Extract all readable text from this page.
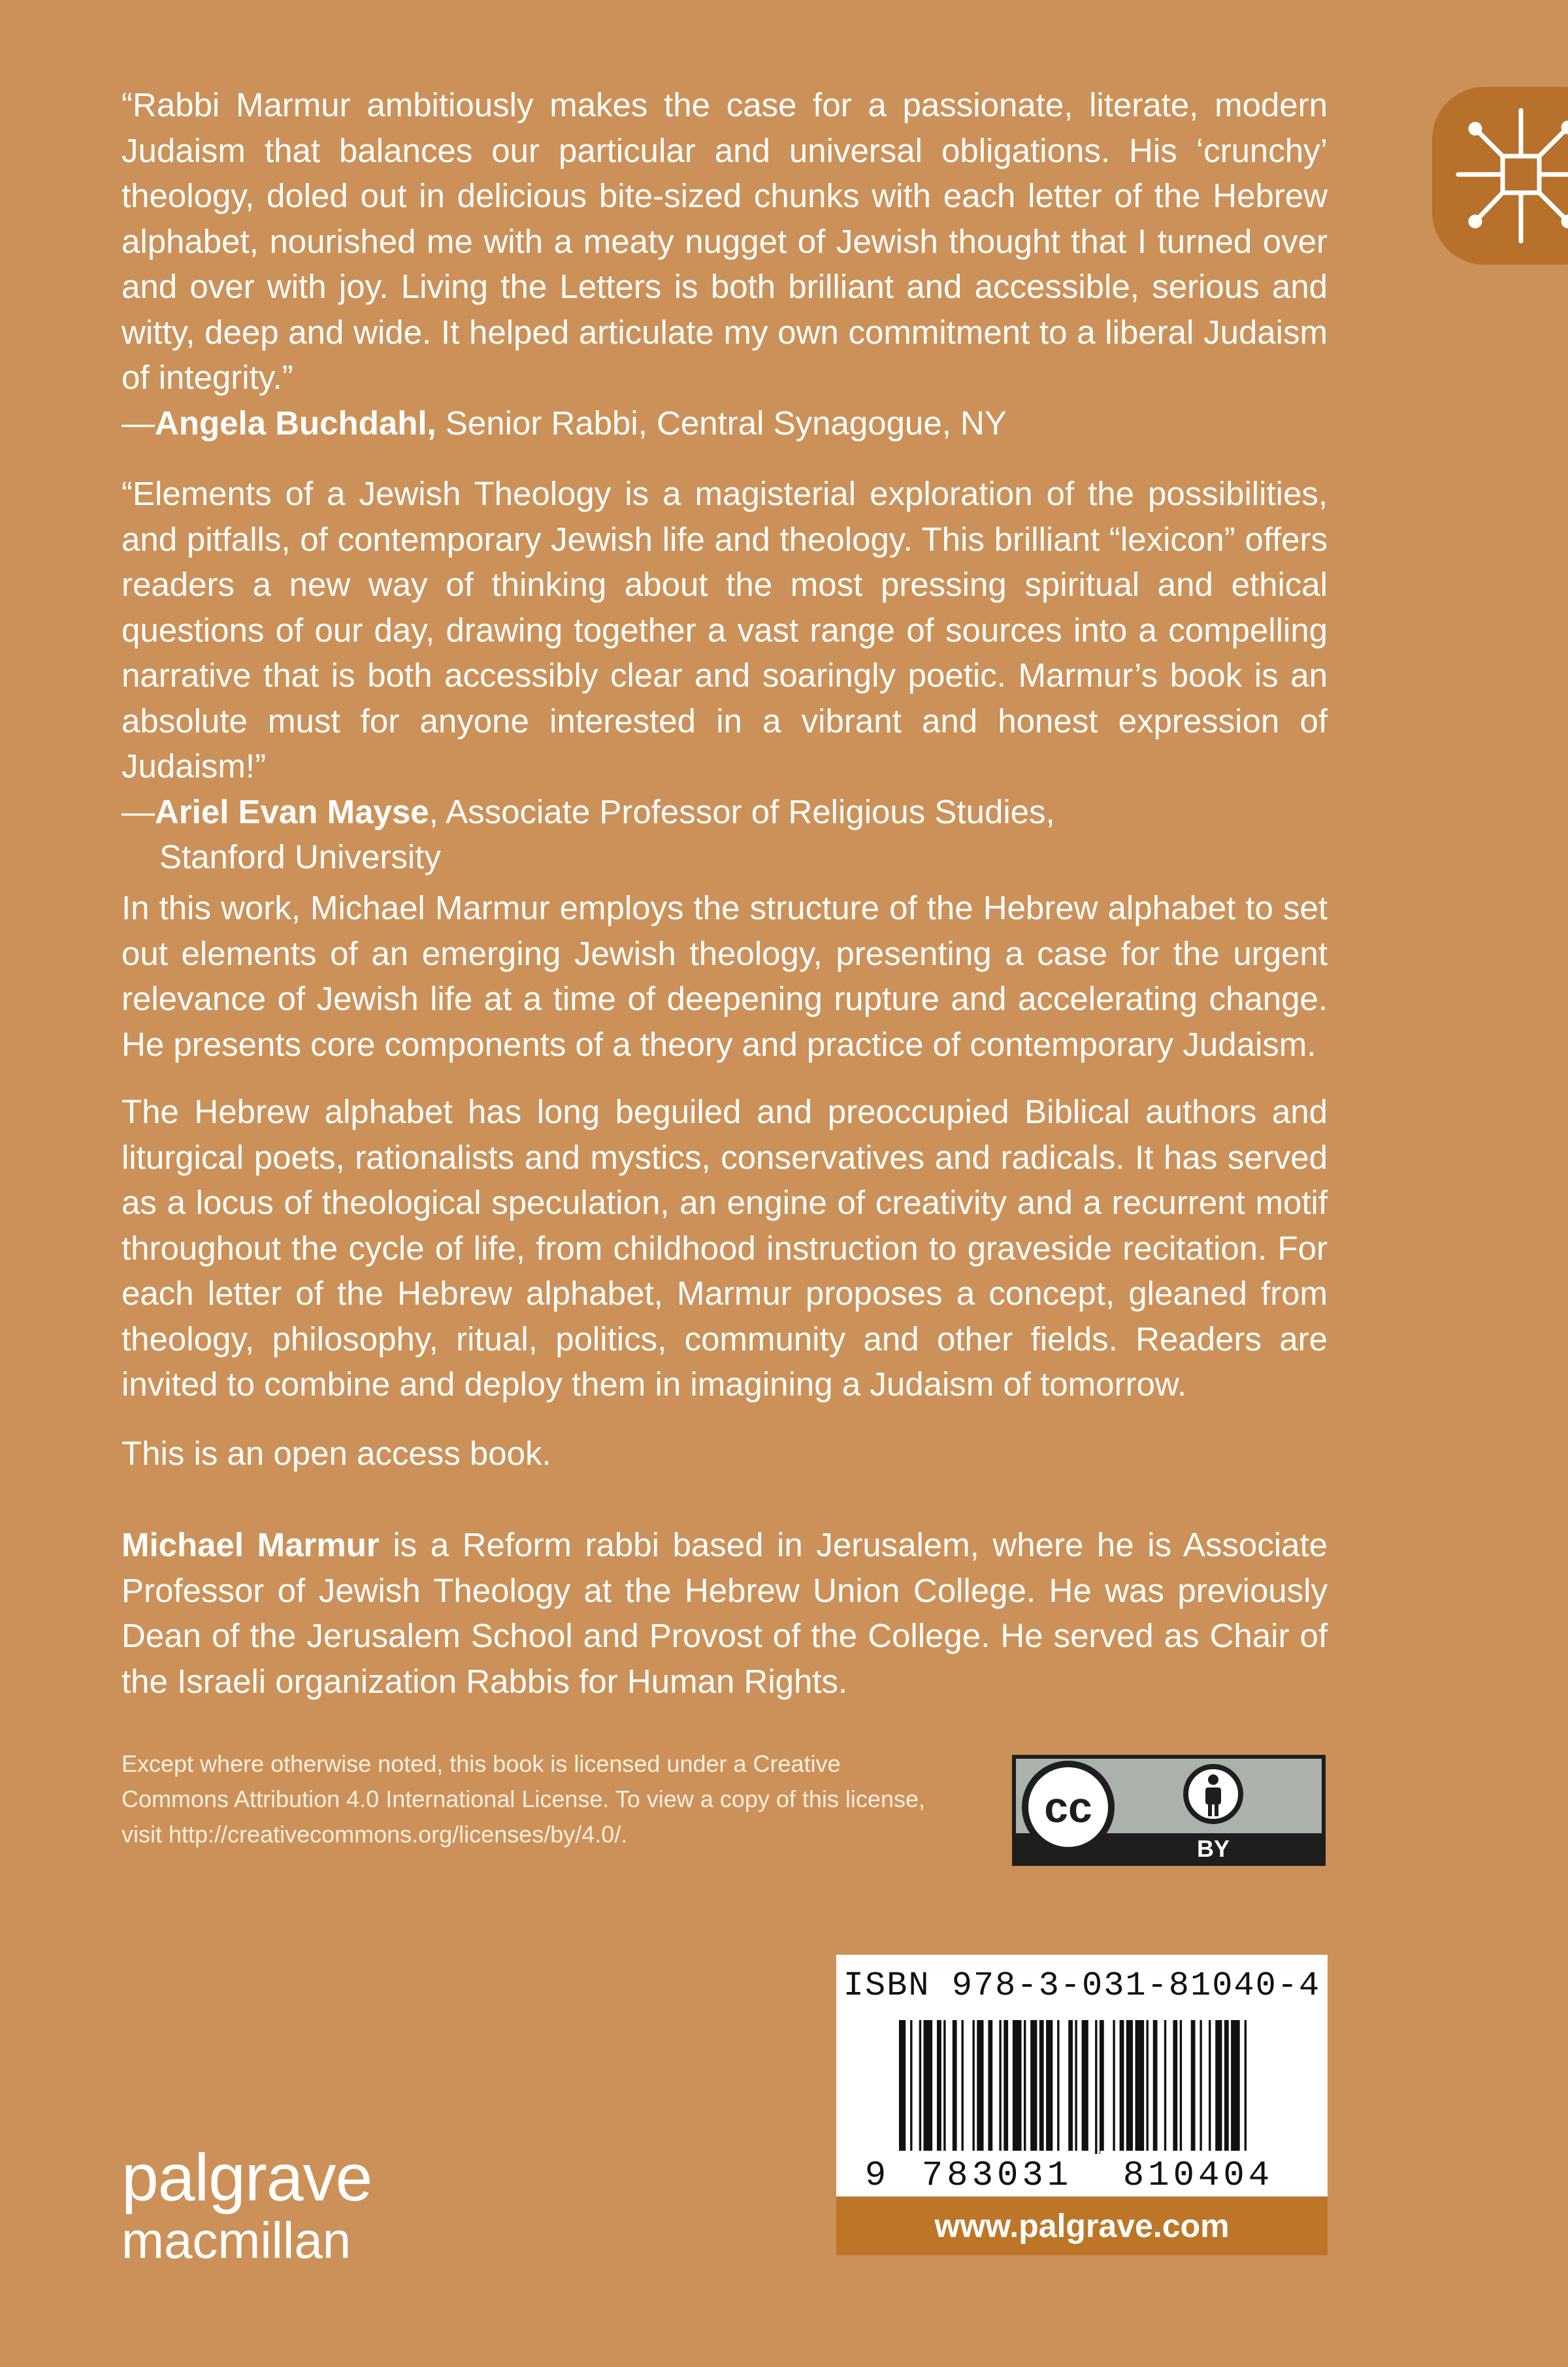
“Rabbi Marmur ambitiously makes the case for a passionate, literate, modern Judaism that balances our particular and universal obligations. His ‘crunchy’ theology, doled out in delicious bite-sized chunks with each letter of the Hebrew alphabet, nourished me with a meaty nugget of Jewish thought that I turned over and over with joy. Living the Letters is both brilliant and accessible, serious and witty, deep and wide. It helped articulate my own commitment to a liberal Judaism of integrity.”

—Angela Buchdahl, Senior Rabbi, Central Synagogue, NY

“Elements of a Jewish Theology is a magisterial exploration of the possibilities, and pitfalls, of contemporary Jewish life and theology. This brilliant “lexicon” offers readers a new way of thinking about the most pressing spiritual and ethical questions of our day, drawing together a vast range of sources into a compelling narrative that is both accessibly clear and soaringly poetic. Marmur’s book is an absolute must for anyone interested in a vibrant and honest expression of Judaism!”

—Ariel Evan Mayse, Associate Professor of Religious Studies,
Stanford University

In this work, Michael Marmur employs the structure of the Hebrew alphabet to set out elements of an emerging Jewish theology, presenting a case for the urgent relevance of Jewish life at a time of deepening rupture and accelerating change. He presents core components of a theory and practice of contemporary Judaism.

The Hebrew alphabet has long beguiled and preoccupied Biblical authors and liturgical poets, rationalists and mystics, conservatives and radicals. It has served as a locus of theological speculation, an engine of creativity and a recurrent motif throughout the cycle of life, from childhood instruction to graveside recitation. For each letter of the Hebrew alphabet, Marmur proposes a concept, gleaned from theology, philosophy, ritual, politics, community and other fields. Readers are invited to combine and deploy them in imagining a Judaism of tomorrow.

This is an open access book.

Michael Marmur is a Reform rabbi based in Jerusalem, where he is Associate Professor of Jewish Theology at the Hebrew Union College. He was previously Dean of the Jerusalem School and Provost of the College. He served as Chair of the Israeli organization Rabbis for Human Rights.

Except where otherwise noted, this book is licensed under a Creative Commons Attribution 4.0 International License. To view a copy of this license, visit http://creativecommons.org/licenses/by/4.0/.
cc
BY
palgrave
macmillan
ISBN 978-3-031-81040-4
9 783031 810404
www.palgrave.com
